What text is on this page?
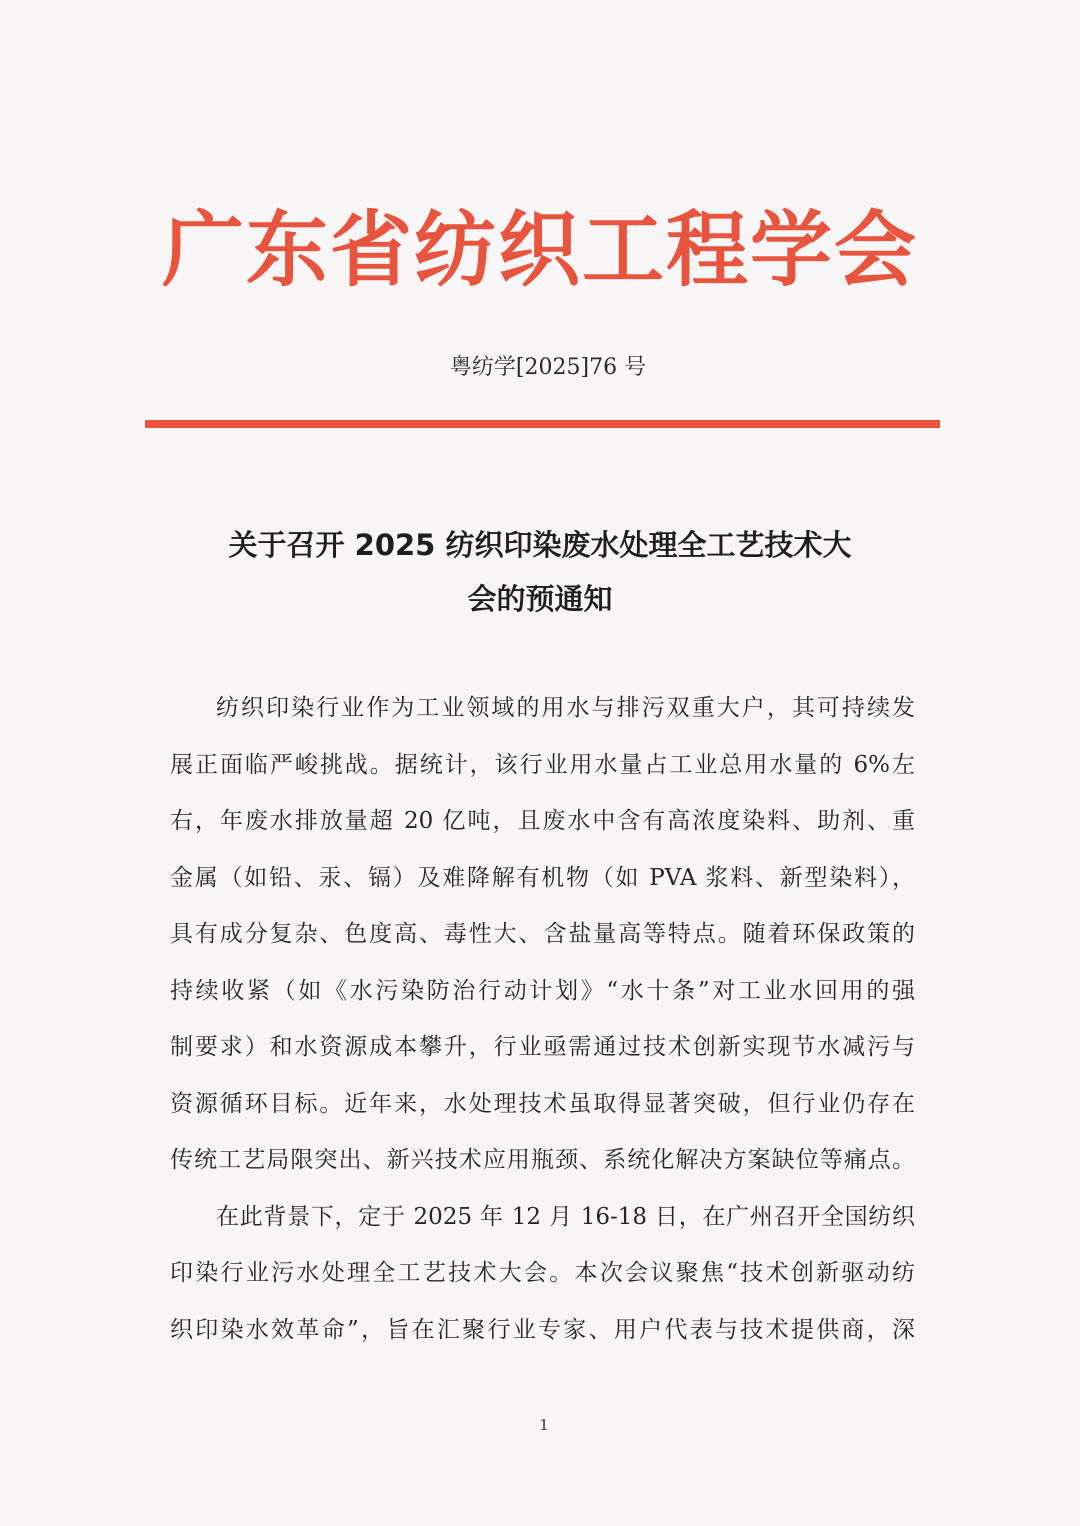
广东省纺织工程学会
粤纺学[2025]76 号
关于召开 2025 纺织印染废水处理全工艺技术大
会的预通知
纺织印染行业作为工业领域的用水与排污双重大户，其可持续发
展正面临严峻挑战。据统计，该行业用水量占工业总用水量的 6%左
右，年废水排放量超 20 亿吨，且废水中含有高浓度染料、助剂、重
金属（如铅、汞、镉）及难降解有机物（如 PVA 浆料、新型染料），
具有成分复杂、色度高、毒性大、含盐量高等特点。随着环保政策的
持续收紧（如《水污染防治行动计划》“水十条”对工业水回用的强
制要求）和水资源成本攀升，行业亟需通过技术创新实现节水减污与
资源循环目标。近年来，水处理技术虽取得显著突破，但行业仍存在
传统工艺局限突出、新兴技术应用瓶颈、系统化解决方案缺位等痛点。
在此背景下，定于 2025 年 12 月 16-18 日，在广州召开全国纺织
印染行业污水处理全工艺技术大会。本次会议聚焦“技术创新驱动纺
织印染水效革命”，旨在汇聚行业专家、用户代表与技术提供商，深
1
